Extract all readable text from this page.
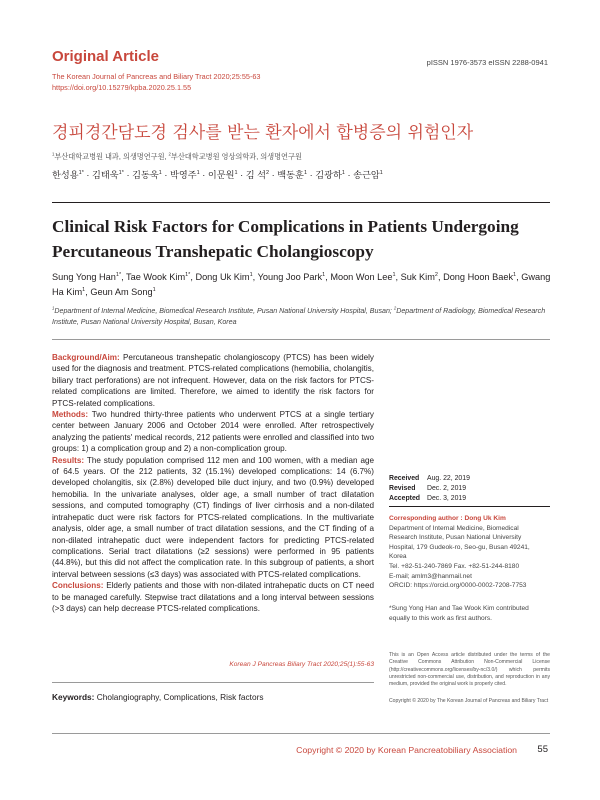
Original Article	pISSN 1976-3573 eISSN 2288-0941
The Korean Journal of Pancreas and Biliary Tract 2020;25:55-63
https://doi.org/10.15279/kpba.2020.25.1.55
경피경간담도경 검사를 받는 환자에서 합병증의 위험인자
$^1$부산대학교병원 내과, 의생명연구원, $^2$부산대학교병원 영상의학과, 의생명연구원
한성용$^{1*}$ · 김태욱$^{1*}$ · 김동욱$^1$ · 박영주$^1$ · 이문원$^1$ · 김 석$^2$ · 백동훈$^1$ · 김광하$^1$ · 송근암$^1$
Clinical Risk Factors for Complications in Patients Undergoing Percutaneous Transhepatic Cholangioscopy
Sung Yong Han$^{1*}$, Tae Wook Kim$^{1*}$, Dong Uk Kim$^1$, Young Joo Park$^1$, Moon Won Lee$^1$, Suk Kim$^2$, Dong Hoon Baek$^1$, Gwang Ha Kim$^1$, Geun Am Song$^1$
$^1$Department of Internal Medicine, Biomedical Research Institute, Pusan National University Hospital, Busan; $^2$Department of Radiology, Biomedical Research Institute, Pusan National University Hospital, Busan, Korea

Background/Aim: Percutaneous transhepatic cholangioscopy (PTCS) has been widely used for the diagnosis and treatment. PTCS-related complications (hemobilia, cholangitis, biliary tract perforations) are not infrequent. However, data on the risk factors for PTCS-related complications are limited. Therefore, we aimed to identify the risk factors for PTCS-related complications.

Methods: Two hundred thirty-three patients who underwent PTCS at a single tertiary center between January 2006 and October 2014 were enrolled. After retrospectively analyzing the patients' medical records, 212 patients were enrolled and classified into two groups: 1) a complication group and 2) a non-complication group.

Results: The study population comprised 112 men and 100 women, with a median age of 64.5 years. Of the 212 patients, 32 (15.1%) developed complications: 14 (6.7%) developed cholangitis, six (2.8%) developed bile duct injury, and two (0.9%) developed hemobilia. In the univariate analyses, older age, a small number of tract dilatation sessions, and computed tomography (CT) findings of liver cirrhosis and a non-dilated intrahepatic duct were risk factors for PTCS-related complications. In the multivariate analysis, older age, a small number of tract dilatation sessions, and the CT finding of a non-dilated intrahepatic duct were independent factors for predicting PTCS-related complications. Serial tract dilatations (≥2 sessions) were performed in 95 patients (44.8%), but this did not affect the complication rate. In this subgroup of patients, a short interval between sessions (≤3 days) was associated with PTCS-related complications.

Conclusions: Elderly patients and those with non-dilated intrahepatic ducts on CT need to be managed carefully. Stepwise tract dilatations and a long interval between sessions (>3 days) can help decrease PTCS-related complications.

Korean J Pancreas Biliary Tract 2020;25(1):55-63
Keywords: Cholangiography, Complications, Risk factors
Received	Aug. 22, 2019
Revised	Dec. 2, 2019
Accepted	Dec. 3, 2019
Corresponding author : Dong Uk Kim
Department of Internal Medicine, Biomedical
Research Institute, Pusan National University
Hospital, 179 Gudeok-ro, Seo-gu, Busan 49241,
Korea
Tel. +82-51-240-7869 Fax. +82-51-244-8180
E-mail; amlm3@hanmail.net
ORCID: https://orcid.org/0000-0002-7208-7753
*Sung Yong Han and Tae Wook Kim contributed equally to this work as first authors.
This is an Open Access article distributed under the terms of the Creative Commons Attribution Non-Commercial License (http://creativecommons.org/licenses/by-nc/3.0/) which permits unrestricted non-commercial use, distribution, and reproduction in any medium, provided the original work is properly cited.
Copyright © 2020 by The Korean Journal of Pancreas and Biliary Tract
Copyright © 2020 by Korean Pancreatobiliary Association 55
